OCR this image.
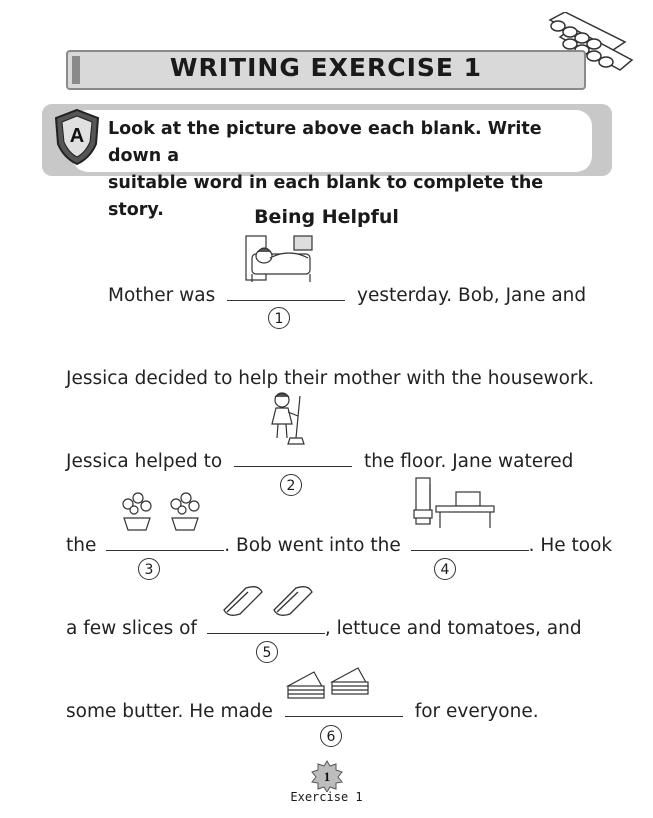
WRITING EXERCISE 1
A Look at the picture above each blank. Write down a
suitable word in each blank to complete the story.	Being Helpful
Mother was	yesterday. Bob, Jane and
1
Jessica decided to help their mother with the housework.
Jessica helped to	the floor. Jane watered
2
the	. Bob went into the	. He took
3	4
a few slices of	, lettuce and tomatoes, and
5
some butter. He made	for everyone.
6
1
Exercise 1
